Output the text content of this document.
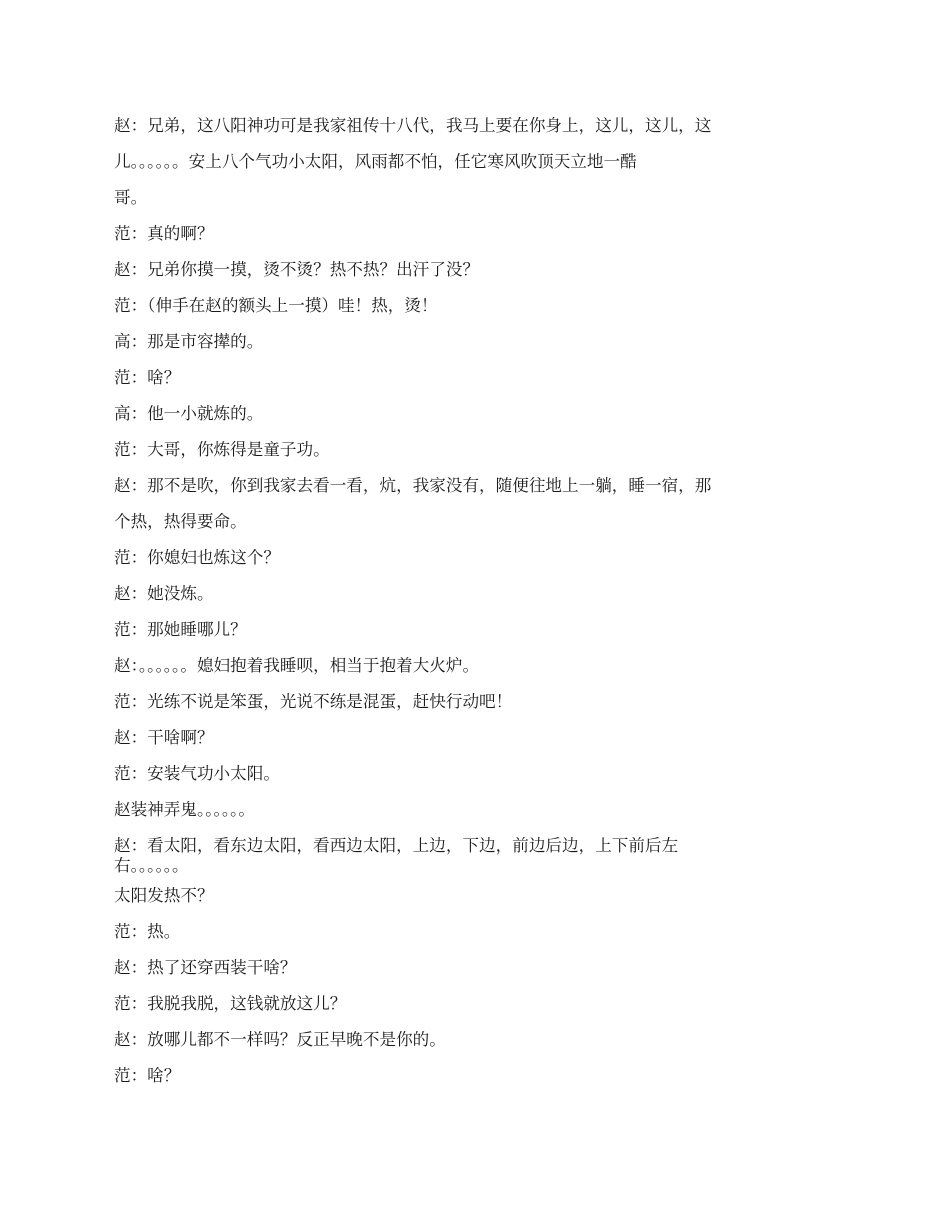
赵：兄弟，这八阳神功可是我家祖传十八代，我马上要在你身上，这儿，这儿，这
儿。。。。。。安上八个气功小太阳，风雨都不怕，任它寒风吹顶天立地一酷
哥。
范：真的啊？
赵：兄弟你摸一摸，烫不烫？热不热？出汗了没？
范：（伸手在赵的额头上一摸）哇！热，烫！
高：那是市容撵的。
范：啥？
高：他一小就炼的。
范：大哥，你炼得是童子功。
赵：那不是吹，你到我家去看一看，炕，我家没有，随便往地上一躺，睡一宿，那
个热，热得要命。
范：你媳妇也炼这个？
赵：她没炼。
范：那她睡哪儿？
赵：。。。。。。媳妇抱着我睡呗，相当于抱着大火炉。
范：光练不说是笨蛋，光说不练是混蛋，赶快行动吧！
赵：干啥啊？
范：安装气功小太阳。
赵装神弄鬼。。。。。。
赵：看太阳，看东边太阳，看西边太阳，上边，下边，前边后边，上下前后左
右。。。。。。
太阳发热不？
范：热。
赵：热了还穿西装干啥？
范：我脱我脱，这钱就放这儿？
赵：放哪儿都不一样吗？反正早晚不是你的。
范：啥？
